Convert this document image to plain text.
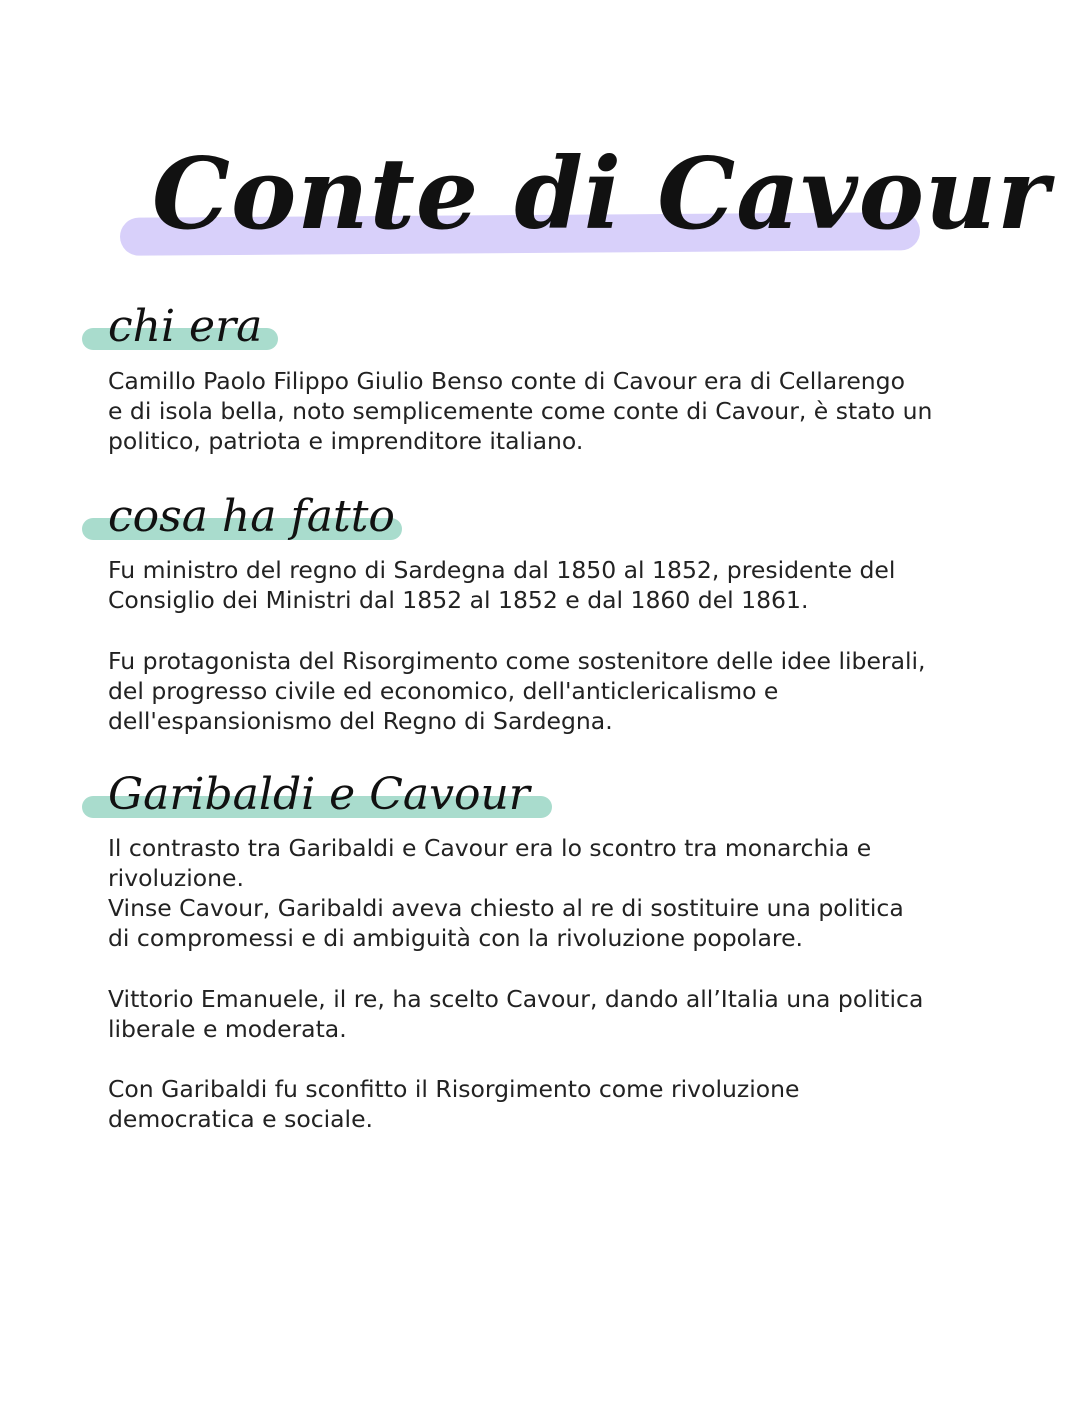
Conte di Cavour
chi era

Camillo Paolo Filippo Giulio Benso conte di Cavour era di Cellarengo
e di isola bella, noto semplicemente come conte di Cavour, è stato un
politico, patriota e imprenditore italiano.

cosa ha fatto

Fu ministro del regno di Sardegna dal 1850 al 1852, presidente del
Consiglio dei Ministri dal 1852 al 1852 e dal 1860 del 1861.

Fu protagonista del Risorgimento come sostenitore delle idee liberali,
del progresso civile ed economico, dell'anticlericalismo e
dell'espansionismo del Regno di Sardegna.

Garibaldi e Cavour

Il contrasto tra Garibaldi e Cavour era lo scontro tra monarchia e
rivoluzione.
Vinse Cavour, Garibaldi aveva chiesto al re di sostituire una politica
di compromessi e di ambiguità con la rivoluzione popolare.

Vittorio Emanuele, il re, ha scelto Cavour, dando all’Italia una politica
liberale e moderata.

Con Garibaldi fu sconfitto il Risorgimento come rivoluzione
democratica e sociale.
